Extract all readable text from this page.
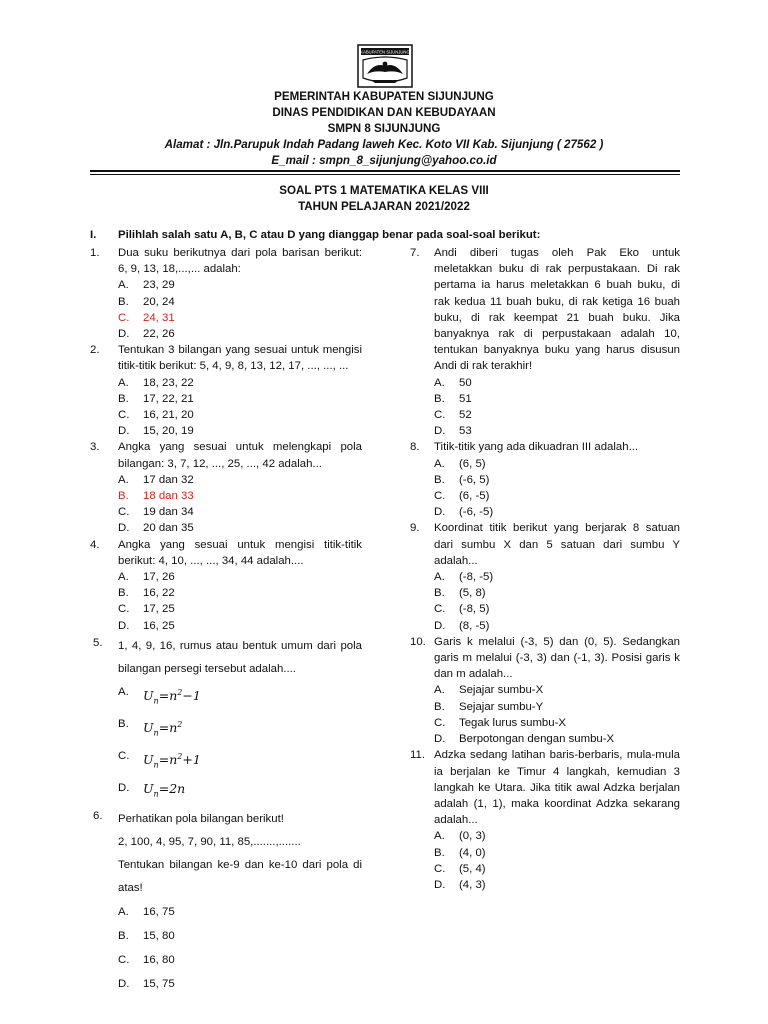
KABUPATEN SIJUNJUNG
PEMERINTAH KABUPATEN SIJUNJUNG
DINAS PENDIDIKAN DAN KEBUDAYAAN
SMPN 8 SIJUNJUNG
Alamat : Jln.Parupuk Indah Padang laweh Kec. Koto VII Kab. Sijunjung ( 27562 )
E_mail : smpn_8_sijunjung@yahoo.co.id
SOAL PTS 1 MATEMATIKA KELAS VIII
TAHUN PELAJARAN 2021/2022
I. Pilihlah salah satu A, B, C atau D yang dianggap benar pada soal-soal berikut:
1. Dua suku berikutnya dari pola barisan berikut: 6, 9, 13, 18,...,... adalah:
A. 23, 29
B. 20, 24
C. 24, 31
D. 22, 26
2. Tentukan 3 bilangan yang sesuai untuk mengisi titik-titik berikut: 5, 4, 9, 8, 13, 12, 17, ..., ..., ...
A. 18, 23, 22
B. 17, 22, 21
C. 16, 21, 20
D. 15, 20, 19
3. Angka yang sesuai untuk melengkapi pola bilangan: 3, 7, 12, ..., 25, ..., 42 adalah...
A. 17 dan 32
B. 18 dan 33
C. 19 dan 34
D. 20 dan 35
4. Angka yang sesuai untuk mengisi titik-titik berikut: 4, 10, ..., ..., 34, 44 adalah....
A. 17, 26
B. 16, 22
C. 17, 25
D. 16, 25
5. 1, 4, 9, 16, rumus atau bentuk umum dari pola bilangan persegi tersebut adalah....
A. $U_n=n^2-1$
B. $U_n=n^2$
C. $U_n=n^2+1$
D. $U_n=2n$
6. Perhatikan pola bilangan berikut!
2, 100, 4, 95, 7, 90, 11, 85,.......,.......
Tentukan bilangan ke-9 dan ke-10 dari pola di atas!
A. 16, 75
B. 15, 80
C. 16, 80
D. 15, 75
7. Andi diberi tugas oleh Pak Eko untuk meletakkan buku di rak perpustakaan. Di rak pertama ia harus meletakkan 6 buah buku, di rak kedua 11 buah buku, di rak ketiga 16 buah buku, di rak keempat 21 buah buku. Jika banyaknya rak di perpustakaan adalah 10, tentukan banyaknya buku yang harus disusun Andi di rak terakhir!
A. 50
B. 51
C. 52
D. 53
8. Titik-titik yang ada dikuadran III adalah...
A. (6, 5)
B. (-6, 5)
C. (6, -5)
D. (-6, -5)
9. Koordinat titik berikut yang berjarak 8 satuan dari sumbu X dan 5 satuan dari sumbu Y adalah...
A. (-8, -5)
B. (5, 8)
C. (-8, 5)
D. (8, -5)
10. Garis k melalui (-3, 5) dan (0, 5). Sedangkan garis m melalui (-3, 3) dan (-1, 3). Posisi garis k dan m adalah...
A. Sejajar sumbu-X
B. Sejajar sumbu-Y
C. Tegak lurus sumbu-X
D. Berpotongan dengan sumbu-X
11. Adzka sedang latihan baris-berbaris, mula-mula ia berjalan ke Timur 4 langkah, kemudian 3 langkah ke Utara. Jika titik awal Adzka berjalan adalah (1, 1), maka koordinat Adzka sekarang adalah...
A. (0, 3)
B. (4, 0)
C. (5, 4)
D. (4, 3)
